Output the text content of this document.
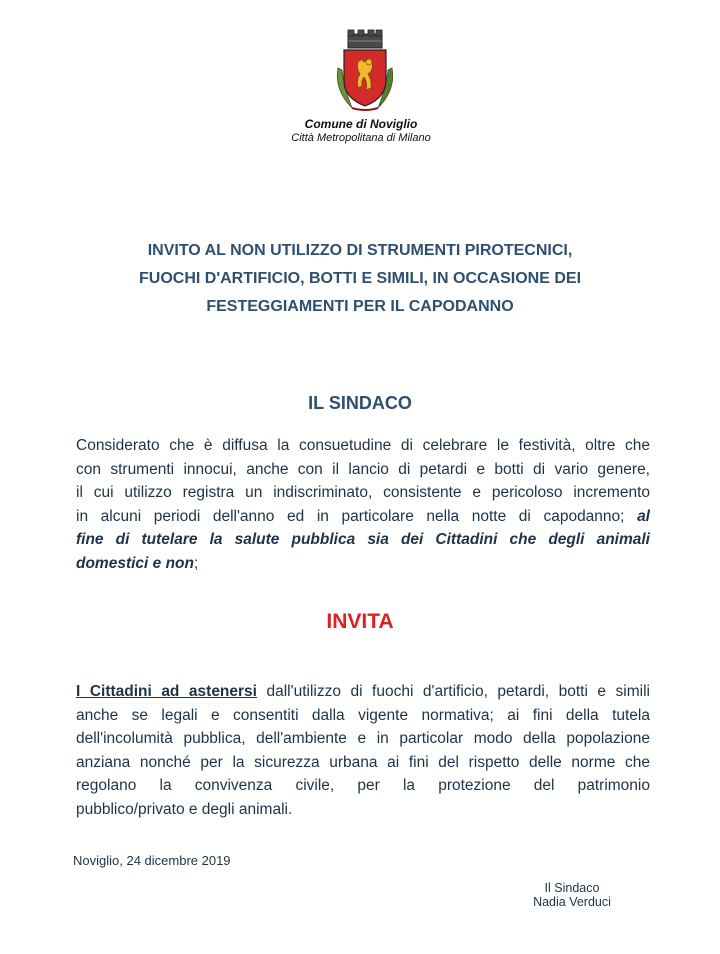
Comune di Noviglio
Città Metropolitana di Milano
INVITO AL NON UTILIZZO DI STRUMENTI PIROTECNICI,
FUOCHI D'ARTIFICIO, BOTTI E SIMILI, IN OCCASIONE DEI
FESTEGGIAMENTI PER IL CAPODANNO
IL SINDACO
Considerato che è diffusa la consuetudine di celebrare le festività, oltre che
con strumenti innocui, anche con il lancio di petardi e botti di vario genere,
il cui utilizzo registra un indiscriminato, consistente e pericoloso incremento
in alcuni periodi dell'anno ed in particolare nella notte di capodanno; al
fine di tutelare la salute pubblica sia dei Cittadini che degli animali
domestici e non;
INVITA
I Cittadini ad astenersi dall'utilizzo di fuochi d'artificio, petardi, botti e simili
anche se legali e consentiti dalla vigente normativa; ai fini della tutela
dell'incolumità pubblica, dell'ambiente e in particolar modo della popolazione
anziana nonché per la sicurezza urbana ai fini del rispetto delle norme che
regolano la convivenza civile, per la protezione del patrimonio
pubblico/privato e degli animali.
Noviglio, 24 dicembre 2019
Il Sindaco
Nadia Verduci
